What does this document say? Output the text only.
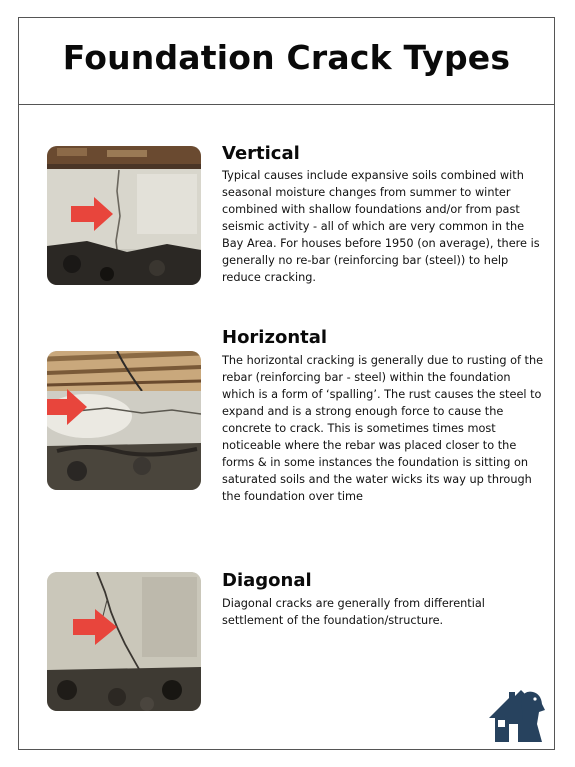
Foundation Crack Types
Vertical

Typical causes include expansive soils combined with seasonal moisture changes from summer to winter combined with shallow foundations and/or from past seismic activity - all of which are very common in the Bay Area. For houses before 1950 (on average), there is generally no re-bar (reinforcing bar (steel)) to help reduce cracking.

Horizontal

The horizontal cracking is generally due to rusting of the rebar (reinforcing bar - steel) within the foundation which is a form of ‘spalling’. The rust causes the steel to expand and is a strong enough force to cause the concrete to crack. This is sometimes times most noticeable where the rebar was placed closer to the forms & in some instances the foundation is sitting on saturated soils and the water wicks its way up through the foundation over time

Diagonal

Diagonal cracks are generally from differential settlement of the foundation/structure.
